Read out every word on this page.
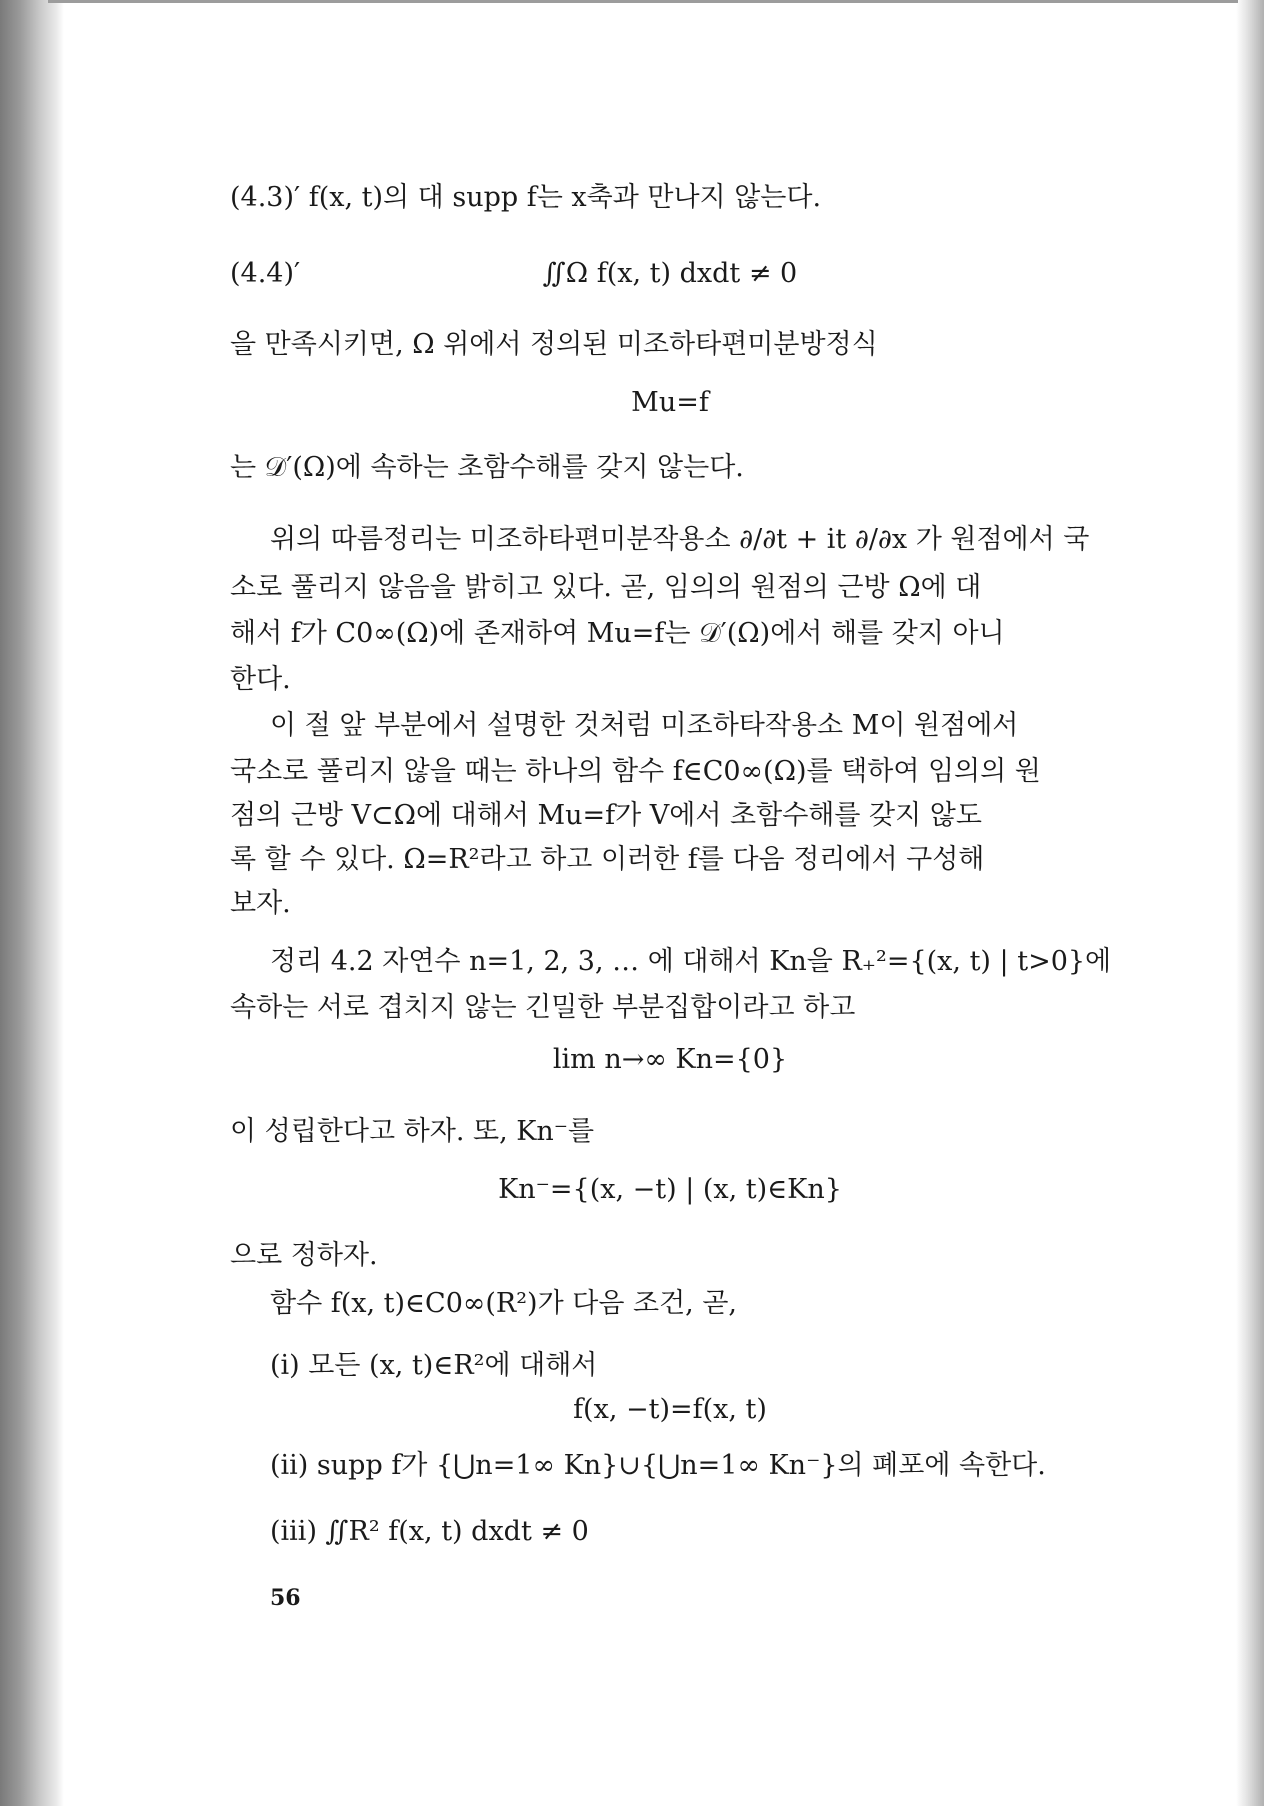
(4.3)′ f(x, t)의 대 supp f는 x축과 만나지 않는다.
(4.4)′	∬Ω f(x, t) dxdt ≠ 0
을 만족시키면, Ω 위에서 정의된 미조하타편미분방정식
Mu=f
는 𝒟′(Ω)에 속하는 초함수해를 갖지 않는다.
위의 따름정리는 미조하타편미분작용소 ∂/∂t + it ∂/∂x 가 원점에서 국
소로 풀리지 않음을 밝히고 있다. 곧, 임의의 원점의 근방 Ω에 대
해서 f가 C0∞(Ω)에 존재하여 Mu=f는 𝒟′(Ω)에서 해를 갖지 아니
한다.
이 절 앞 부분에서 설명한 것처럼 미조하타작용소 M이 원점에서
국소로 풀리지 않을 때는 하나의 함수 f∈C0∞(Ω)를 택하여 임의의 원
점의 근방 V⊂Ω에 대해서 Mu=f가 V에서 초함수해를 갖지 않도
록 할 수 있다. Ω=R²라고 하고 이러한 f를 다음 정리에서 구성해
보자.
정리 4.2 자연수 n=1, 2, 3, … 에 대해서 Kn을 R₊²={(x, t) | t>0}에
속하는 서로 겹치지 않는 긴밀한 부분집합이라고 하고
lim n→∞ Kn={0}
이 성립한다고 하자. 또, Kn⁻를
Kn⁻={(x, −t) | (x, t)∈Kn}
으로 정하자.
함수 f(x, t)∈C0∞(R²)가 다음 조건, 곧,
(i) 모든 (x, t)∈R²에 대해서
f(x, −t)=f(x, t)
(ii) supp f가 {⋃n=1∞ Kn}∪{⋃n=1∞ Kn⁻}의 폐포에 속한다.
(iii) ∬R² f(x, t) dxdt ≠ 0
56
